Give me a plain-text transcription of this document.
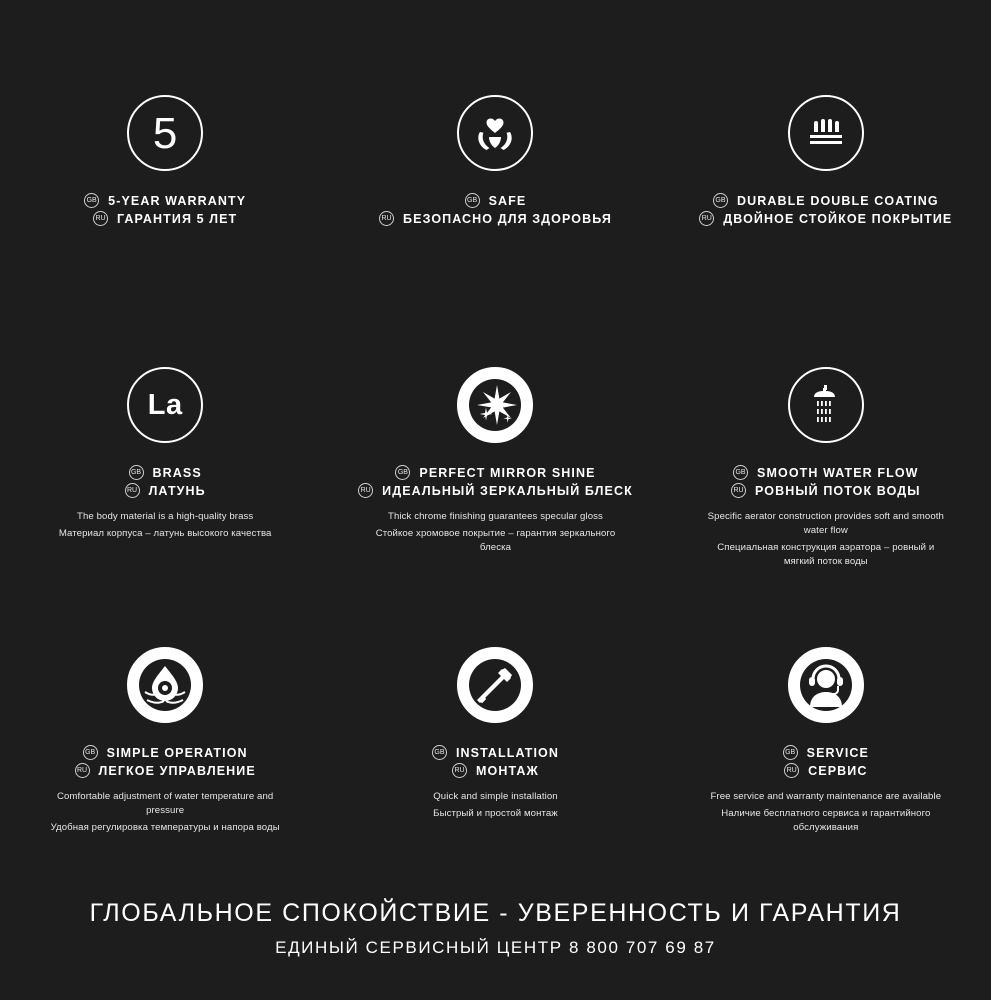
5
GB 5-YEAR WARRANTY
RU ГАРАНТИЯ 5 ЛЕТ
GB SAFE
RU БЕЗОПАСНО ДЛЯ ЗДОРОВЬЯ
GB DURABLE DOUBLE COATING
RU ДВОЙНОЕ СТОЙКОЕ ПОКРЫТИЕ
La
GB BRASS
RU ЛАТУНЬ
The body material is a high-quality brass
Материал корпуса – латунь высокого качества
GB PERFECT MIRROR SHINE
RU ИДЕАЛЬНЫЙ ЗЕРКАЛЬНЫЙ БЛЕСК
Thick chrome finishing guarantees specular gloss
Стойкое хромовое покрытие – гарантия зеркального блеска
GB SMOOTH WATER FLOW
RU РОВНЫЙ ПОТОК ВОДЫ
Specific aerator construction provides soft and smooth water flow
Специальная конструкция аэратора – ровный и мягкий поток воды
GB SIMPLE OPERATION
RU ЛЕГКОЕ УПРАВЛЕНИЕ
Comfortable adjustment of water temperature and pressure
Удобная регулировка температуры и напора воды
GB INSTALLATION
RU МОНТАЖ
Quick and simple installation
Быстрый и простой монтаж
GB SERVICE
RU СЕРВИС
Free service and warranty maintenance are available
Наличие бесплатного сервиса и гарантийного обслуживания
ГЛОБАЛЬНОЕ СПОКОЙСТВИЕ - УВЕРЕННОСТЬ И ГАРАНТИЯ
ЕДИНЫЙ СЕРВИСНЫЙ ЦЕНТР 8 800 707 69 87
